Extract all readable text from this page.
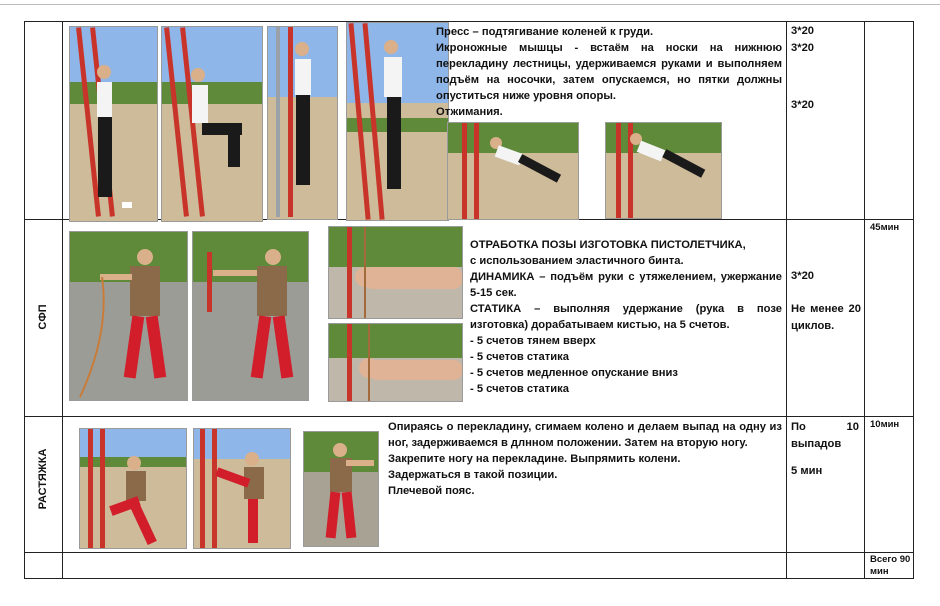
Пресс – подтягивание коленей к груди.

Икроножные мышцы - встаём на носки на нижнюю перекладину лестницы, удерживаемся руками и выполняем подъём на носочки, затем опускаемся, но пятки должны опуститься ниже уровня опоры.

Отжимания.

3*20
3*20
3*20
СФП

ОТРАБОТКА ПОЗЫ ИЗГОТОВКА ПИСТОЛЕТЧИКА,

с использованием эластичного бинта.

ДИНАМИКА – подъём руки с утяжелением, ужержание 5-15 сек.

СТАТИКА – выполняя удержание (рука в позе изготовка) дорабатываем кистью, на 5 счетов.

- 5 счетов тянем вверх

- 5 счетов статика

- 5 счетов медленное опускание вниз

- 5 счетов статика

3*20
Не менее 20 циклов.
45мин
РАСТЯЖКА

Опираясь о перекладину, сгимаем колено и делаем выпад на одну из ног, задерживаемся в длнном положении. Затем на вторую ногу.

Закрепите ногу на перекладине. Выпрямить колени.

Задержаться в такой позиции.

Плечевой пояс.

По 10 выпадов
5 мин
10мин
Всего 90 мин
